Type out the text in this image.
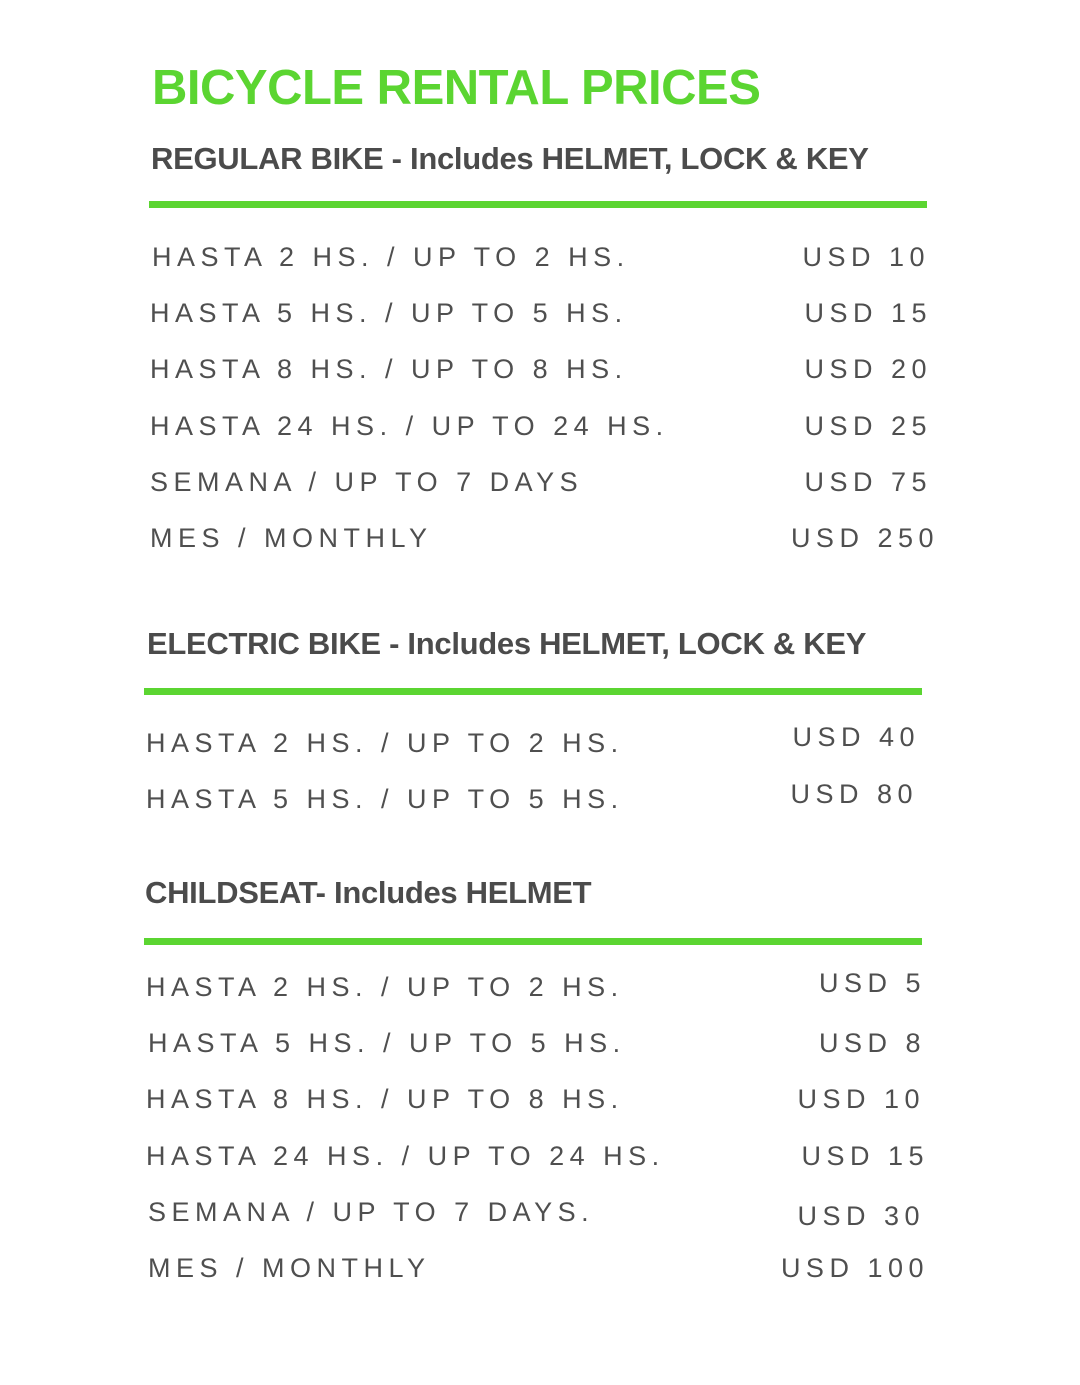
BICYCLE RENTAL PRICES
REGULAR BIKE - Includes HELMET, LOCK & KEY
HASTA 2 HS. / UP TO 2 HS.	USD 10
HASTA 5 HS. / UP TO 5 HS.	USD 15
HASTA 8 HS. / UP TO 8 HS.	USD 20
HASTA 24 HS. / UP TO 24 HS.	USD 25
SEMANA / UP TO 7 DAYS	USD 75
MES / MONTHLY	USD 250
ELECTRIC BIKE - Includes HELMET, LOCK & KEY
HASTA 2 HS. / UP TO 2 HS.	USD 40
HASTA 5 HS. / UP TO 5 HS.	USD 80
CHILDSEAT- Includes HELMET
HASTA 2 HS. / UP TO 2 HS.	USD 5
HASTA 5 HS. / UP TO 5 HS.	USD 8
HASTA 8 HS. / UP TO 8 HS.	USD 10
HASTA 24 HS. / UP TO 24 HS.	USD 15
SEMANA / UP TO 7 DAYS.	USD 30
MES / MONTHLY	USD 100
